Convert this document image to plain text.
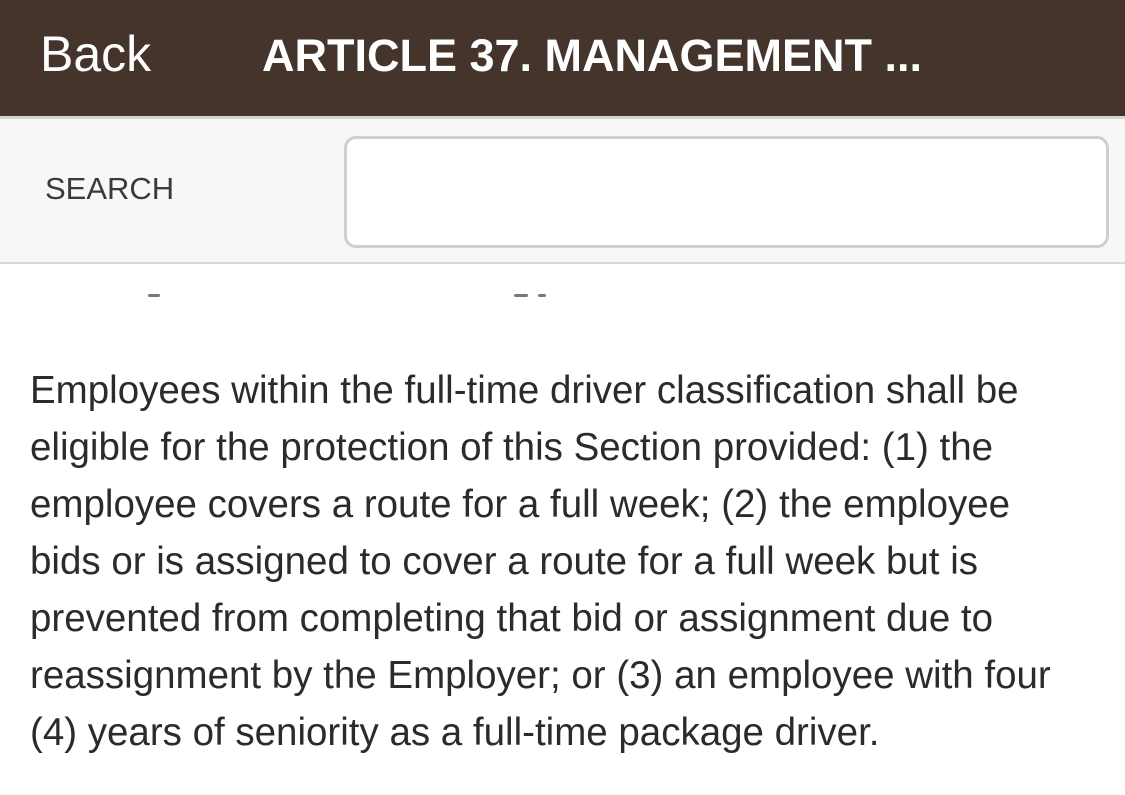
Back ARTICLE 37. MANAGEMENT ...
SEARCH

Employees within the full-time driver classification shall be eligible for the protection of this Section provided: (1) the employee covers a route for a full week; (2) the employee bids or is assigned to cover a route for a full week but is prevented from completing that bid or assignment due to reassignment by the Employer; or (3) an employee with four (4) years of seniority as a full-time package driver.
